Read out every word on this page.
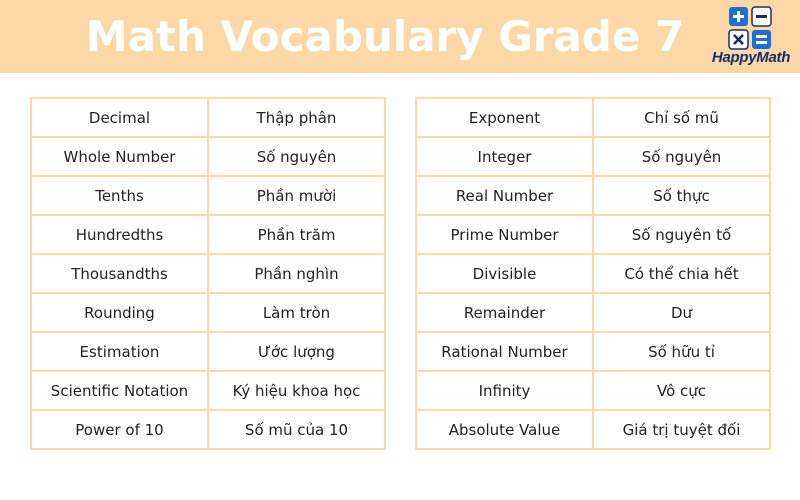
Math Vocabulary Grade 7	HappyMath
Decimal	Thập phân
Whole Number	Số nguyên
Tenths	Phần mười
Hundredths	Phần trăm
Thousandths	Phần nghìn
Rounding	Làm tròn
Estimation	Ước lượng
Scientific Notation	Ký hiệu khoa học
Power of 10	Số mũ của 10
Exponent	Chỉ số mũ
Integer	Số nguyên
Real Number	Số thực
Prime Number	Số nguyên tố
Divisible	Có thể chia hết
Remainder	Dư
Rational Number	Số hữu tỉ
Infinity	Vô cực
Absolute Value	Giá trị tuyệt đối
